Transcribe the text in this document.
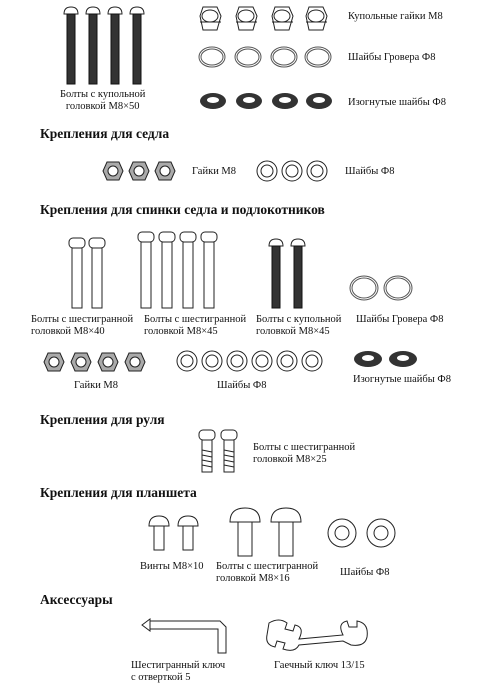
Болты с купольной
головкой М8×50
Купольные гайки М8
Шайбы Гровера Ф8
Изогнутые шайбы Ф8
Крепления для седла
Гайки М8	Шайбы Ф8
Крепления для спинки седла и подлокотников
Болты с шестигранной
головкой М8×40
Болты с шестигранной
головкой М8×45
Болты с купольной
головкой М8×45
Шайбы Гровера Ф8
Гайки М8	Шайбы Ф8
Изогнутые шайбы Ф8
Крепления для руля
Болты с шестигранной
головкой М8×25
Крепления для планшета
Винты М8×10 Болты с шестигранной
головкой М8×16
Шайбы Ф8
Аксессуары
Шестигранный ключ
с отверткой 5
Гаечный ключ 13/15
